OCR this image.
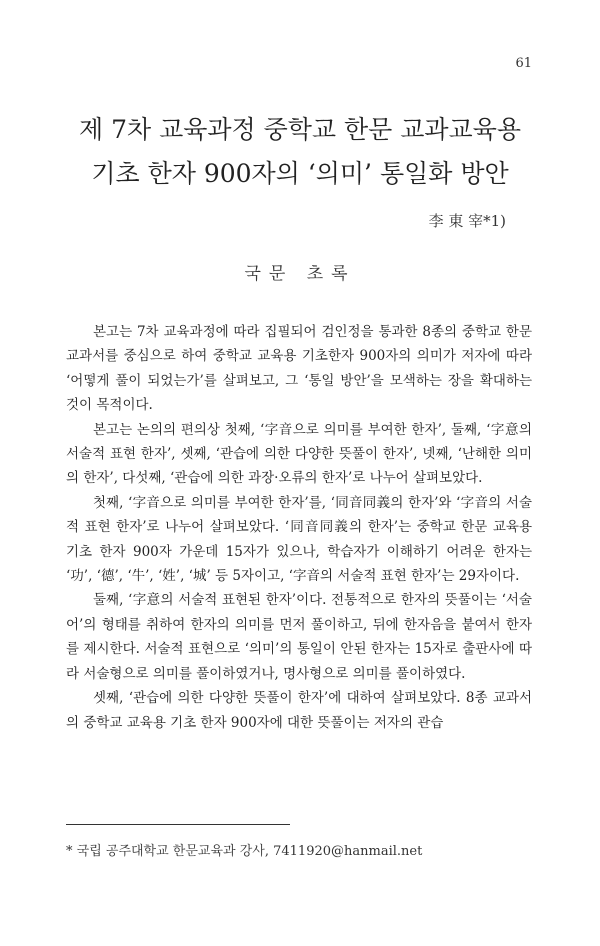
61
제 7차 교육과정 중학교 한문 교과교육용
기초 한자 900자의 ‘의미’ 통일화 방안
李 東 宰*1)
국문 초록

본고는 7차 교육과정에 따라 집필되어 검인정을 통과한 8종의 중학교 한문교과서를 중심으로 하여 중학교 교육용 기초한자 900자의 의미가 저자에 따라 ‘어떻게 풀이 되었는가’를 살펴보고, 그 ‘통일 방안’을 모색하는 장을 확대하는 것이 목적이다.

본고는 논의의 편의상 첫째, ‘字音으로 의미를 부여한 한자’, 둘째, ‘字意의 서술적 표현 한자’, 셋째, ‘관습에 의한 다양한 뜻풀이 한자’, 넷째, ‘난해한 의미의 한자’, 다섯째, ‘관습에 의한 과장·오류의 한자’로 나누어 살펴보았다.

첫째, ‘字音으로 의미를 부여한 한자’를, ‘同音同義의 한자’와 ‘字音의 서술적 표현 한자’로 나누어 살펴보았다. ‘同音同義의 한자’는 중학교 한문 교육용 기초 한자 900자 가운데 15자가 있으나, 학습자가 이해하기 어려운 한자는 ‘功’, ‘德’, ‘牛’, ‘姓’, ‘城’ 등 5자이고, ‘字音의 서술적 표현 한자’는 29자이다.

둘째, ‘字意의 서술적 표현된 한자’이다. 전통적으로 한자의 뜻풀이는 ‘서술어’의 형태를 취하여 한자의 의미를 먼저 풀이하고, 뒤에 한자음을 붙여서 한자를 제시한다. 서술적 표현으로 ‘의미’의 통일이 안된 한자는 15자로 출판사에 따라 서술형으로 의미를 풀이하였거나, 명사형으로 의미를 풀이하였다.

셋째, ‘관습에 의한 다양한 뜻풀이 한자’에 대하여 살펴보았다. 8종 교과서의 중학교 교육용 기초 한자 900자에 대한 뜻풀이는 저자의 관습

* 국립 공주대학교 한문교육과 강사, 7411920@hanmail.net
